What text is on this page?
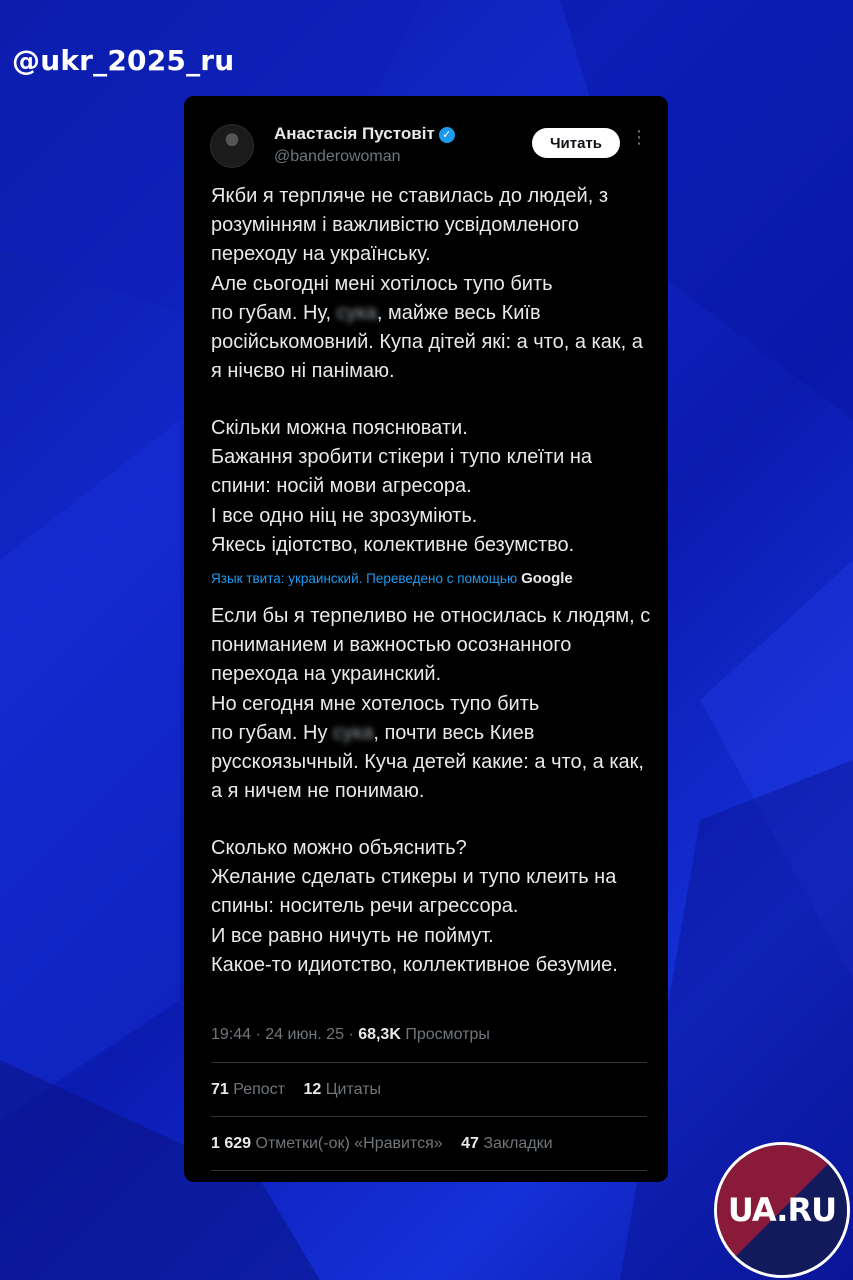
@ukr_2025_ru
Анастасія Пустовіт ✓
@banderowoman
Читать	⋮

Якби я терпляче не ставилась до людей, з розумінням і важливістю усвідомленого переходу на українську.
Але сьогодні мені хотілось тупо бить
по губам. Ну, сука, майже весь Київ
російськомовний. Купа дітей які: а что, а как, а я нічєво ні панімаю.

Скільки можна пояснювати.
Бажання зробити стікери і тупо клеїти на спини: носій мови агресора.
І все одно ніц не зрозуміють.
Якесь ідіотство, колективне безумство.

Язык твита: украинский. Переведено с помощью Google

Если бы я терпеливо не относилась к людям, с пониманием и важностью осознанного перехода на украинский.
Но сегодня мне хотелось тупо бить
по губам. Ну сука, почти весь Киев
русскоязычный. Куча детей какие: а что, а как, а я ничем не понимаю.

Сколько можно объяснить?
Желание сделать стикеры и тупо клеить на спины: носитель речи агрессора.
И все равно ничуть не поймут.
Какое-то идиотство, коллективное безумие.

19:44 · 24 июн. 25 · 68,3K Просмотры
71 Репост 12 Цитаты
1 629 Отметки(-ок) «Нравится» 47 Закладки
UA.RU
